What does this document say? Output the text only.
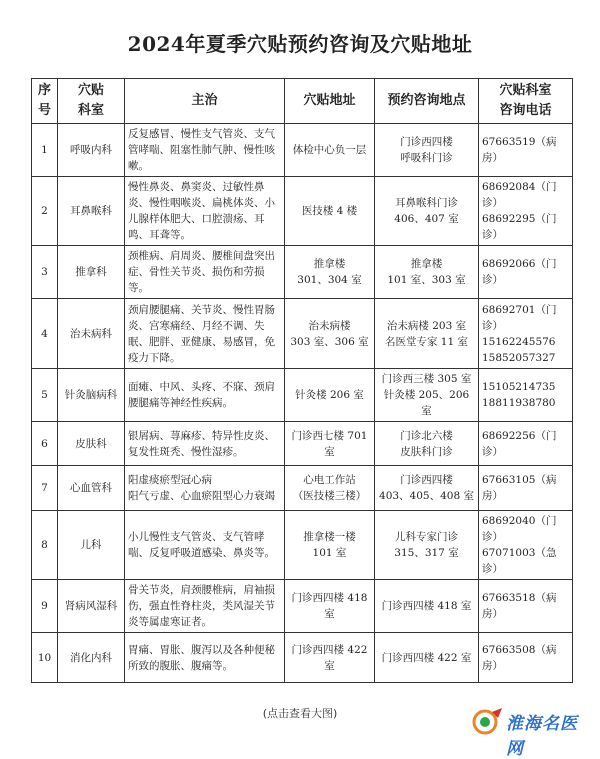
2024年夏季穴贴预约咨询及穴贴地址
序
号	穴贴
科室	主治	穴贴地址	预约咨询地点	穴贴科室
咨询电话

1	呼吸内科	反复感冒、慢性支气管炎、支气管哮喘、阻塞性肺气肿、慢性咳嗽。	体检中心负一层	门诊西四楼
呼吸科门诊	67663519（病房）

2	耳鼻喉科	慢性鼻炎、鼻窦炎、过敏性鼻炎、慢性咽喉炎、扁桃体炎、小儿腺样体肥大、口腔溃疡、耳鸣、耳聋等。	医技楼 4 楼	耳鼻喉科门诊
406、407 室	68692084（门诊）
68692295（门诊）

3	推拿科	颈椎病、肩周炎、腰椎间盘突出症、骨性关节炎、损伤和劳损等。	推拿楼
301、304 室	推拿楼
101 室、303 室	68692066（门诊）

4	治未病科	颈肩腰腿痛、关节炎、慢性胃肠炎、宫寒痛经、月经不调、失眠、肥胖、亚健康、易感冒，免疫力下降。	治未病楼
303 室、306 室	治未病楼 203 室
名医堂专家 11 室	68692701（门诊）
15162245576
15852057327

5	针灸脑病科	面瘫、中风、头疼、不寐、颈肩腰腿痛等神经性疾病。	针灸楼 206 室	门诊西三楼 305 室
针灸楼 205、206 室	15105214735
18811938780

6	皮肤科	银屑病、荨麻疹、特异性皮炎、复发性斑秃、慢性湿疹。	门诊西七楼 701 室	门诊北六楼
皮肤科门诊	68692256（门诊）

7	心血管科	阳虚痰瘀型冠心病
阳气亏虚、心血瘀阻型心力衰竭	心电工作站
（医技楼三楼）	门诊西四楼
403、405、408 室	67663105（病房）

8	儿科	小儿慢性支气管炎、支气管哮喘、反复呼吸道感染、鼻炎等。	推拿楼一楼
101 室	儿科专家门诊
315、317 室	68692040（门诊）
67071003（急诊）

9	肾病风湿科	骨关节炎，肩颈腰椎病，肩袖损伤，强直性脊柱炎，类风湿关节炎等属虚寒证者。	门诊西四楼 418 室	门诊西四楼 418 室	67663518（病房）

10	消化内科	胃痛、胃胀、腹泻以及各种便秘所致的腹胀、腹痛等。	门诊西四楼 422 室	门诊西四楼 422 室	67663508（病房）
(点击查看大图)
淮海名医网
